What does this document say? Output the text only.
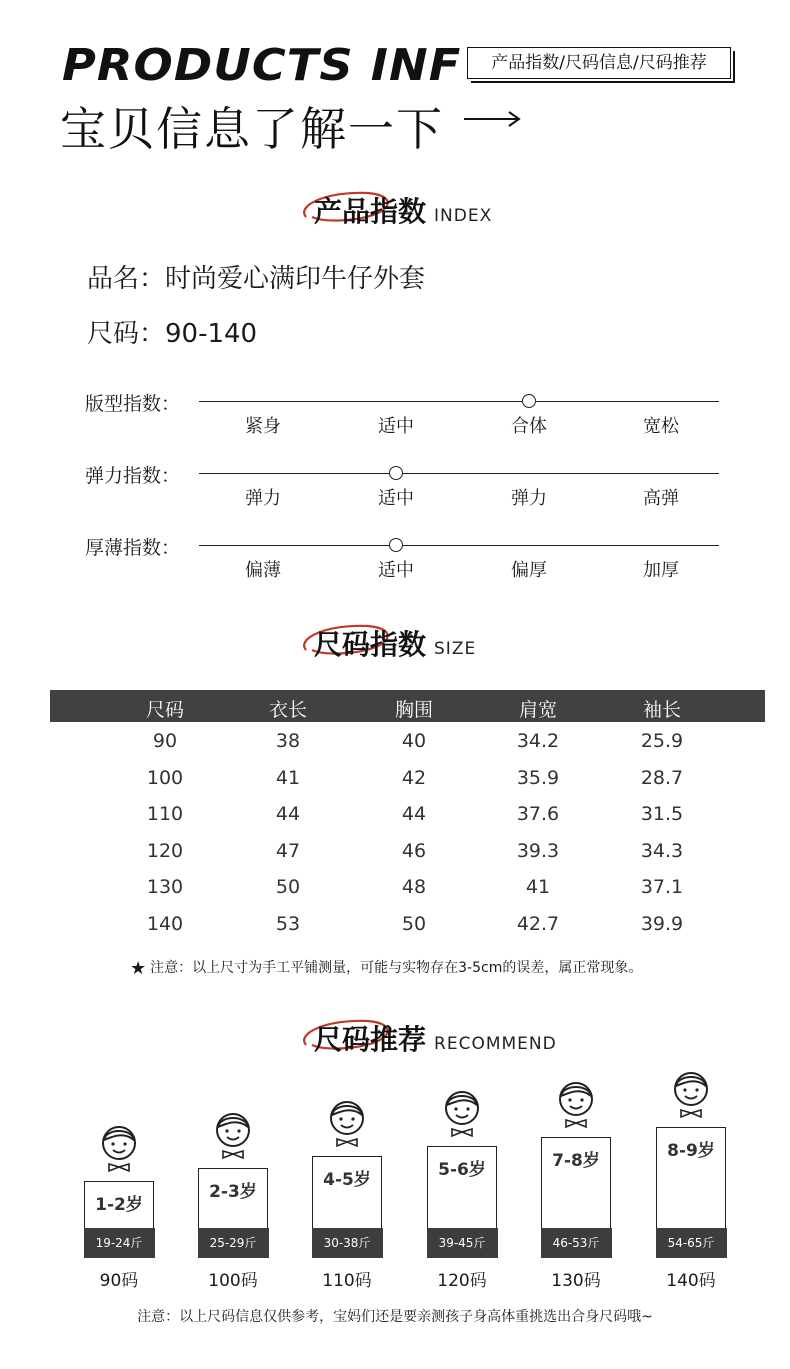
PRODUCTS INF	产品指数/尺码信息/尺码推荐
宝贝信息了解一下
产品指数 INDEX
品名：时尚爱心满印牛仔外套
尺码：90-140
版型指数：
紧身	适中	合体	宽松
弹力指数：
弹力	适中	弹力	高弹
厚薄指数：
偏薄	适中	偏厚	加厚
尺码指数 SIZE
尺码	衣长	胸围	肩宽	袖长
90	38	40	34.2	25.9
100	41	42	35.9	28.7
110	44	44	37.6	31.5
120	47	46	39.3	34.3
130	50	48	41	37.1
140	53	50	42.7	39.9
★ 注意：以上尺寸为手工平铺测量，可能与实物存在3-5cm的误差，属正常现象。
尺码推荐 RECOMMEND
1-2岁
19-24斤
90码
2-3岁
25-29斤
100码
4-5岁
30-38斤
110码
5-6岁
39-45斤
120码
7-8岁
46-53斤
130码
8-9岁
54-65斤
140码
注意：以上尺码信息仅供参考，宝妈们还是要亲测孩子身高体重挑选出合身尺码哦~
